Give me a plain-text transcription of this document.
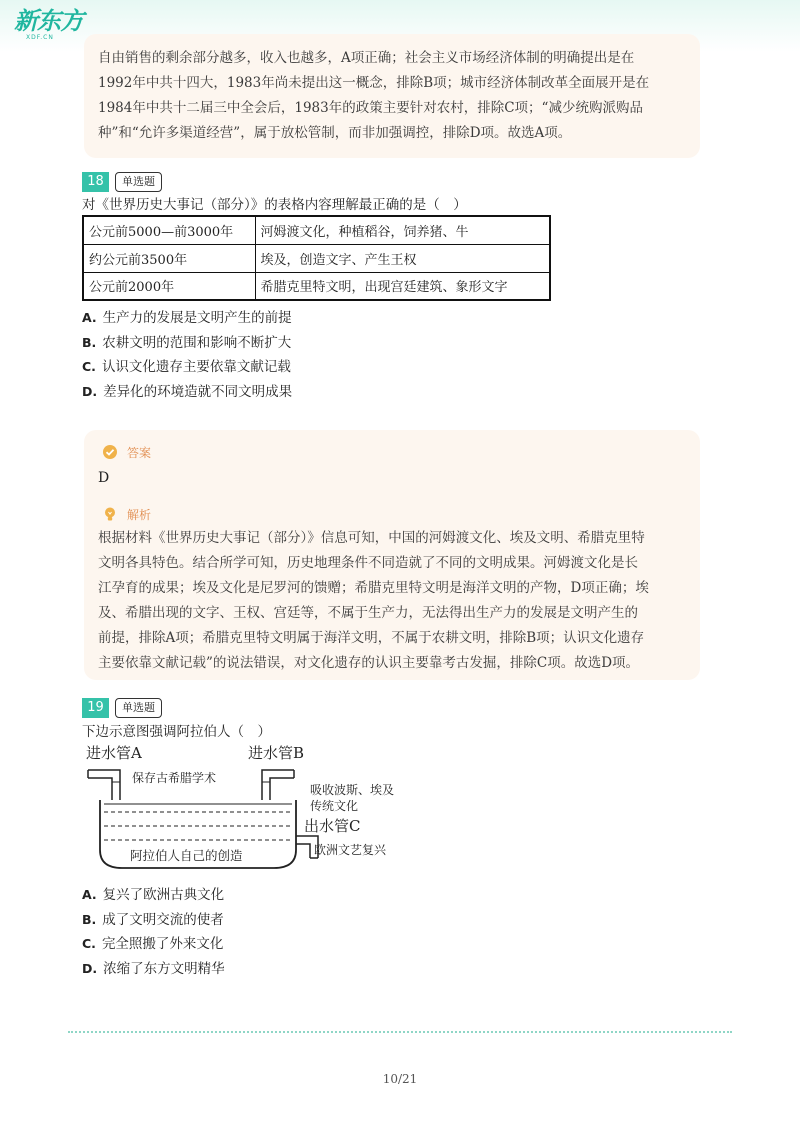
新东方
XDF.CN
自由销售的剩余部分越多，收入也越多，A项正确；社会主义市场经济体制的明确提出是在
1992年中共十四大，1983年尚未提出这一概念，排除B项；城市经济体制改革全面展开是在
1984年中共十二届三中全会后，1983年的政策主要针对农村，排除C项；“减少统购派购品
种”和“允许多渠道经营”，属于放松管制，而非加强调控，排除D项。故选A项。
18	单选题
对《世界历史大事记（部分）》的表格内容理解最正确的是（　）
公元前5000—前3000年	河姆渡文化，种植稻谷，饲养猪、牛
约公元前3500年	埃及，创造文字、产生王权
公元前2000年	希腊克里特文明，出现宫廷建筑、象形文字
A. 生产力的发展是文明产生的前提
B. 农耕文明的范围和影响不断扩大
C. 认识文化遗存主要依靠文献记载
D. 差异化的环境造就不同文明成果
答案
D
解析
根据材料《世界历史大事记（部分）》信息可知，中国的河姆渡文化、埃及文明、希腊克里特
文明各具特色。结合所学可知，历史地理条件不同造就了不同的文明成果。河姆渡文化是长
江孕育的成果；埃及文化是尼罗河的馈赠；希腊克里特文明是海洋文明的产物，D项正确；埃
及、希腊出现的文字、王权、宫廷等，不属于生产力，无法得出生产力的发展是文明产生的
前提，排除A项；希腊克里特文明属于海洋文明，不属于农耕文明，排除B项；认识文化遗存
主要依靠文献记载”的说法错误，对文化遗存的认识主要靠考古发掘，排除C项。故选D项。
19	单选题
下边示意图强调阿拉伯人（　）
进水管A
保存古希腊学术
进水管B
吸收波斯、埃及
传统文化
阿拉伯人自己的创造
出水管C
欧洲文艺复兴
A. 复兴了欧洲古典文化
B. 成了文明交流的使者
C. 完全照搬了外来文化
D. 浓缩了东方文明精华
10/21
